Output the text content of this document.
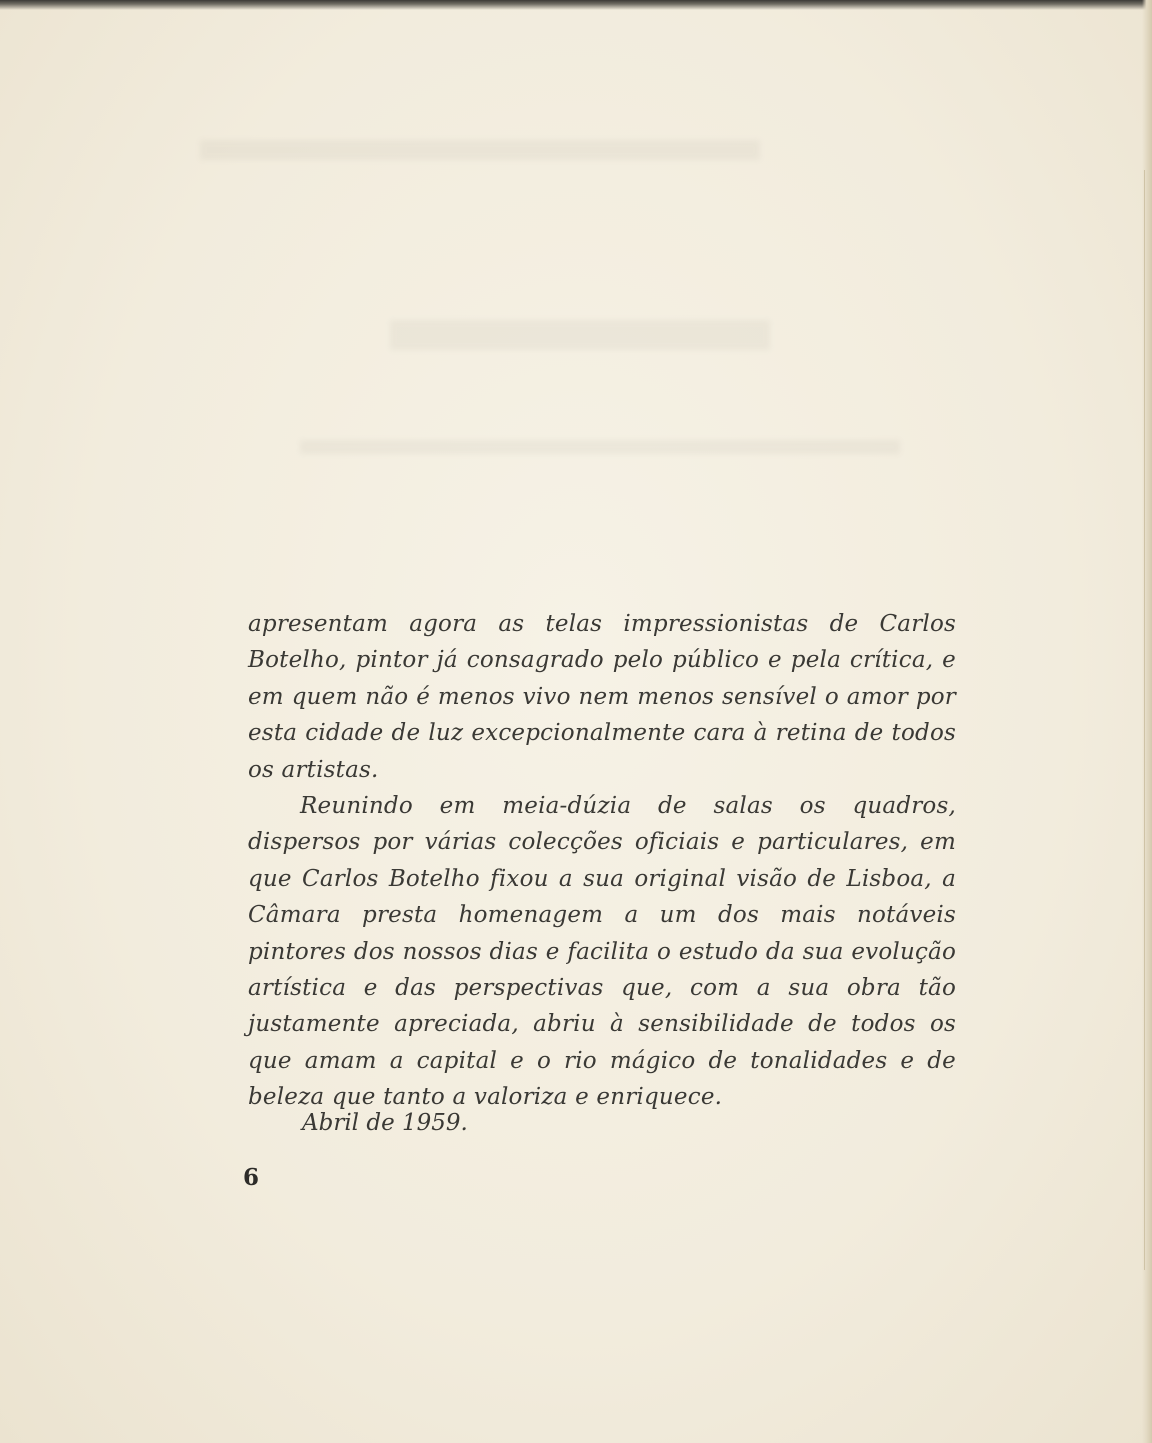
apresentam agora as telas impressionistas de Carlos Botelho, pintor já consagrado pelo público e pela crítica, e em quem não é menos vivo nem menos sensível o amor por esta cidade de luz excepcionalmente cara à retina de todos os artistas.

Reunindo em meia-dúzia de salas os quadros, dispersos por várias colecções oficiais e particulares, em que Carlos Botelho fixou a sua original visão de Lisboa, a Câmara presta homenagem a um dos mais notáveis pintores dos nossos dias e facilita o estudo da sua evolução artística e das perspectivas que, com a sua obra tão justamente apreciada, abriu à sensibilidade de todos os que amam a capital e o rio mágico de tonalidades e de beleza que tanto a valoriza e enriquece.

Abril de 1959.
6
